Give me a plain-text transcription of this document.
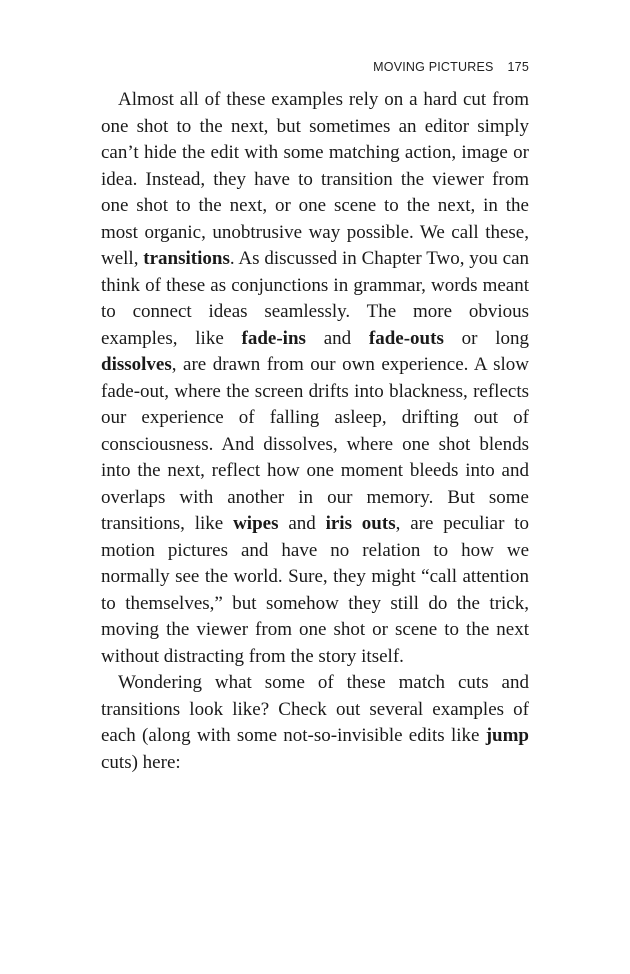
MOVING PICTURES 175

Almost all of these examples rely on a hard cut from one shot to the next, but sometimes an editor simply can’t hide the edit with some matching action, image or idea. Instead, they have to transition the viewer from one shot to the next, or one scene to the next, in the most organic, unobtrusive way possible. We call these, well, transitions. As discussed in Chapter Two, you can think of these as conjunctions in grammar, words meant to connect ideas seamlessly. The more obvious examples, like fade-ins and fade-outs or long dissolves, are drawn from our own experience. A slow fade-out, where the screen drifts into blackness, reflects our experience of falling asleep, drifting out of consciousness. And dissolves, where one shot blends into the next, reflect how one moment bleeds into and overlaps with another in our memory. But some transitions, like wipes and iris outs, are peculiar to motion pictures and have no relation to how we normally see the world. Sure, they might “call attention to themselves,” but somehow they still do the trick, moving the viewer from one shot or scene to the next without distracting from the story itself.

Wondering what some of these match cuts and transitions look like? Check out several examples of each (along with some not-so-invisible edits like jump cuts) here:
